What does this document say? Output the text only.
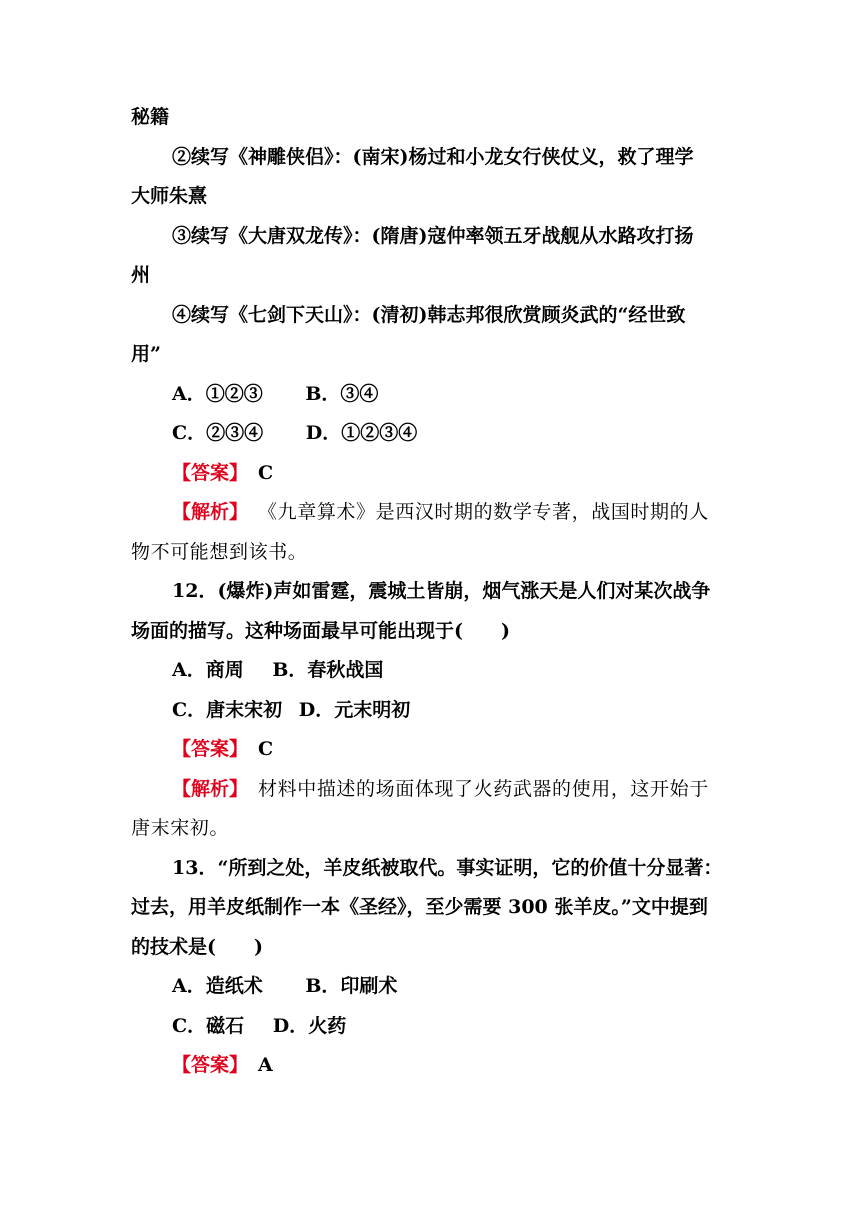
秘籍
②续写《神雕侠侣》：(南宋)杨过和小龙女行侠仗义，救了理学
大师朱熹
③续写《大唐双龙传》：(隋唐)寇仲率领五牙战舰从水路攻打扬
州
④续写《七剑下天山》：(清初)韩志邦很欣赏顾炎武的“经世致
用”
A．①②③ B．③④
C．②③④ D．①②③④
【答案】 C
【解析】 《九章算术》是西汉时期的数学专著，战国时期的人
物不可能想到该书。
12．(爆炸)声如雷霆，震城土皆崩，烟气涨天是人们对某次战争
场面的描写。这种场面最早可能出现于(　　)
A．商周 B．春秋战国
C．唐末宋初 D．元末明初
【答案】 C
【解析】 材料中描述的场面体现了火药武器的使用，这开始于
唐末宋初。
13．“所到之处，羊皮纸被取代。事实证明，它的价值十分显著：
过去，用羊皮纸制作一本《圣经》，至少需要 300 张羊皮。”文中提到
的技术是(　　)
A．造纸术 B．印刷术
C．磁石 D．火药
【答案】 A
